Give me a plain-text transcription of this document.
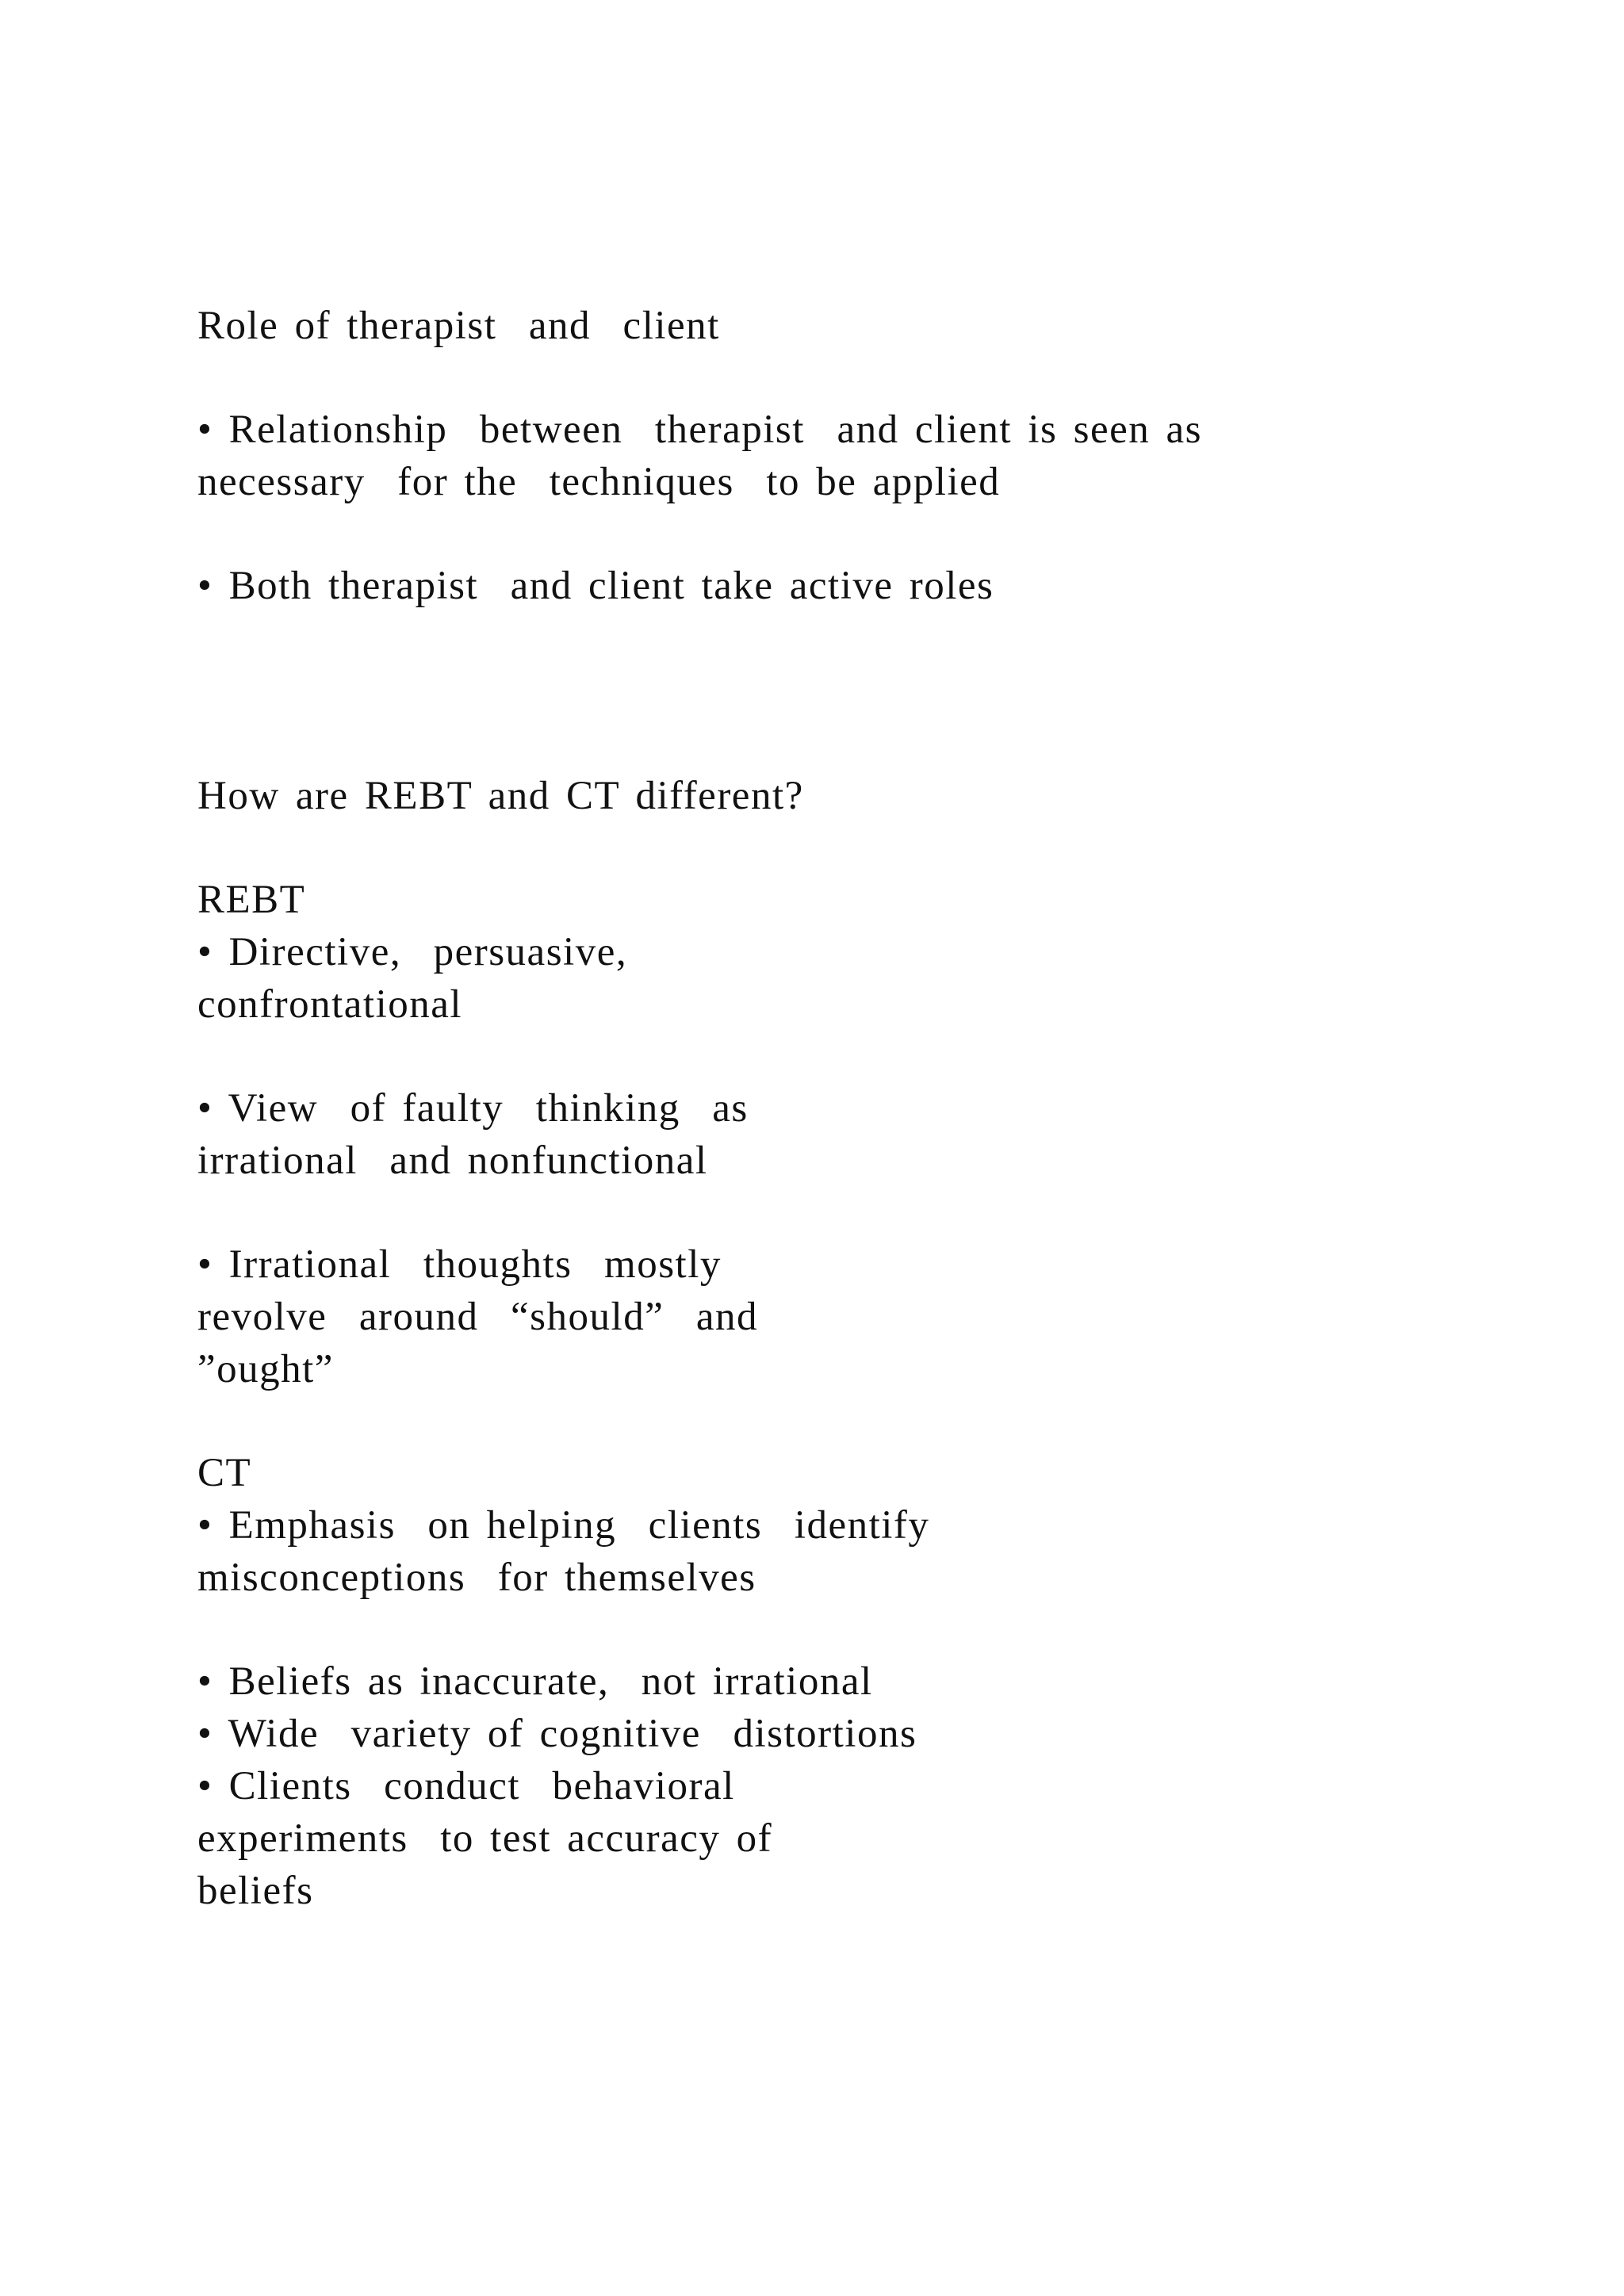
Role of therapist  and  client
• Relationship  between  therapist  and client is seen as
necessary  for the  techniques  to be applied
• Both therapist  and client take active roles
How are REBT and CT different?
REBT
• Directive,  persuasive,
confrontational
• View  of faulty  thinking  as
irrational  and nonfunctional
• Irrational  thoughts  mostly
revolve  around  “should”  and
”ought”
CT
• Emphasis  on helping  clients  identify
misconceptions  for themselves
• Beliefs as inaccurate,  not irrational
• Wide  variety of cognitive  distortions
• Clients  conduct  behavioral
experiments  to test accuracy of
beliefs
